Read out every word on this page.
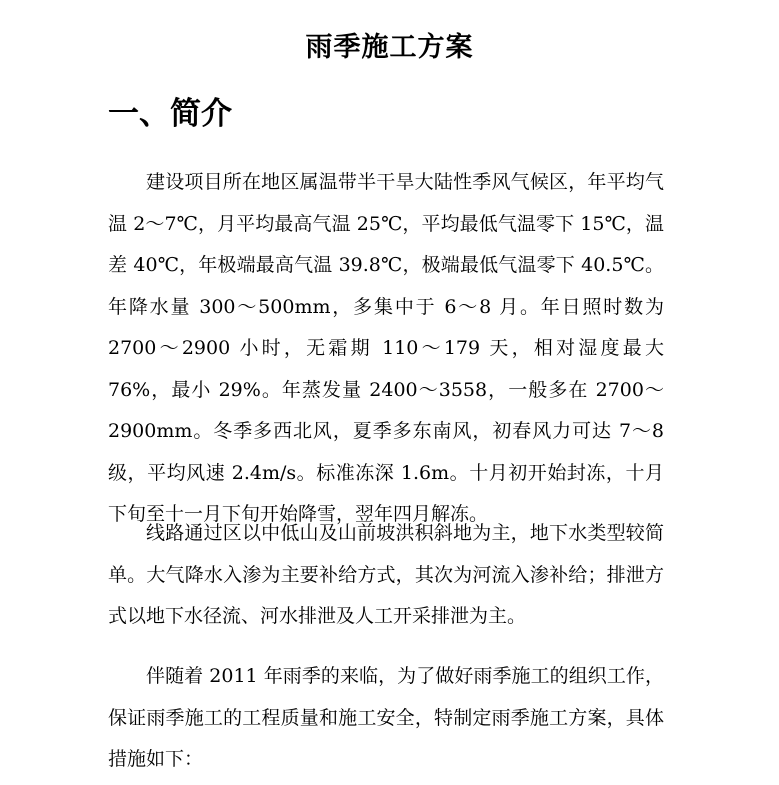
雨季施工方案
一、简介

建设项目所在地区属温带半干旱大陆性季风气候区，年平均气温 2～7℃，月平均最高气温 25℃，平均最低气温零下 15℃，温差 40℃，年极端最高气温 39.8℃，极端最低气温零下 40.5℃。年降水量 300～500mm，多集中于 6～8 月。年日照时数为 2700～2900 小时，无霜期 110～179 天，相对湿度最大 76%，最小 29%。年蒸发量 2400～3558，一般多在 2700～2900mm。冬季多西北风，夏季多东南风，初春风力可达 7～8 级，平均风速 2.4m/s。标准冻深 1.6m。十月初开始封冻，十月下旬至十一月下旬开始降雪，翌年四月解冻。

线路通过区以中低山及山前坡洪积斜地为主，地下水类型较简单。大气降水入渗为主要补给方式，其次为河流入渗补给；排泄方式以地下水径流、河水排泄及人工开采排泄为主。

伴随着 2011 年雨季的来临，为了做好雨季施工的组织工作，保证雨季施工的工程质量和施工安全，特制定雨季施工方案，具体措施如下：
